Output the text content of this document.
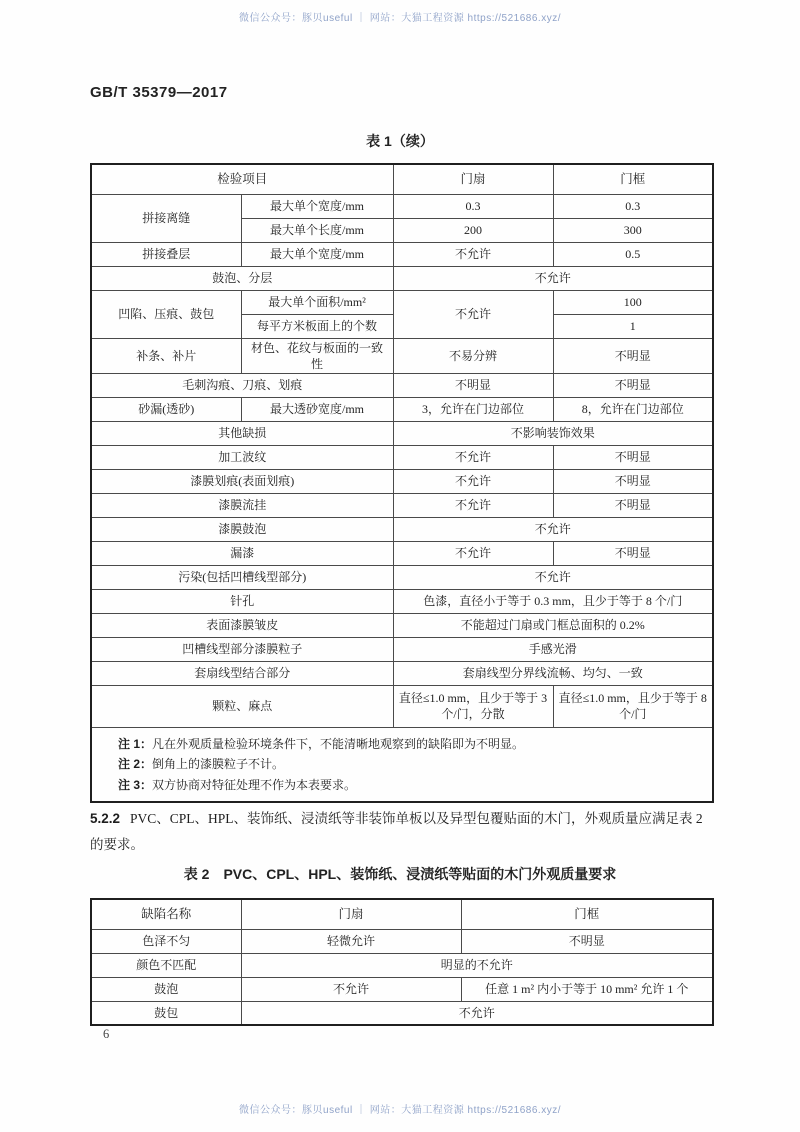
微信公众号：豚贝useful ｜ 网站：大猫工程资源 https://521686.xyz/
GB/T 35379—2017
表 1（续）
检验项目		门扇	门框
拼接离缝	最大单个宽度/mm	0.3	0.3
	最大单个长度/mm	200	300
拼接叠层	最大单个宽度/mm	不允许	0.5
鼓泡、分层		不允许	
凹陷、压痕、鼓包	最大单个面积/mm²	不允许	100
	每平方米板面上的个数		1
补条、补片	材色、花纹与板面的一致性	不易分辨	不明显
毛刺沟痕、刀痕、划痕		不明显	不明显
砂漏(透砂)	最大透砂宽度/mm	3，允许在门边部位	8，允许在门边部位
其他缺损		不影响装饰效果	
加工波纹		不允许	不明显
漆膜划痕(表面划痕)		不允许	不明显
漆膜流挂		不允许	不明显
漆膜鼓泡		不允许	
漏漆		不允许	不明显
污染(包括凹槽线型部分)		不允许	
针孔		色漆，直径小于等于 0.3 mm，且少于等于 8 个/门	
表面漆膜皱皮		不能超过门扇或门框总面积的 0.2%	
凹槽线型部分漆膜粒子		手感光滑	
套扇线型结合部分		套扇线型分界线流畅、均匀、一致	
颗粒、麻点		直径≤1.0 mm，且少于等于 3 个/门，分散	直径≤1.0 mm，且少于等于 8 个/门

注 1：凡在外观质量检验环境条件下，不能清晰地观察到的缺陷即为不明显。
注 2：倒角上的漆膜粒子不计。
注 3：双方协商对特征处理不作为本表要求。			
5.2.2 PVC、CPL、HPL、装饰纸、浸渍纸等非装饰单板以及异型包覆贴面的木门，外观质量应满足表 2
的要求。
表 2 PVC、CPL、HPL、装饰纸、浸渍纸等贴面的木门外观质量要求
缺陷名称	门扇	门框
色泽不匀	轻微允许	不明显
颜色不匹配	明显的不允许	
鼓泡	不允许	任意 1 m² 内小于等于 10 mm² 允许 1 个
鼓包	不允许	
6
微信公众号：豚贝useful ｜ 网站：大猫工程资源 https://521686.xyz/
